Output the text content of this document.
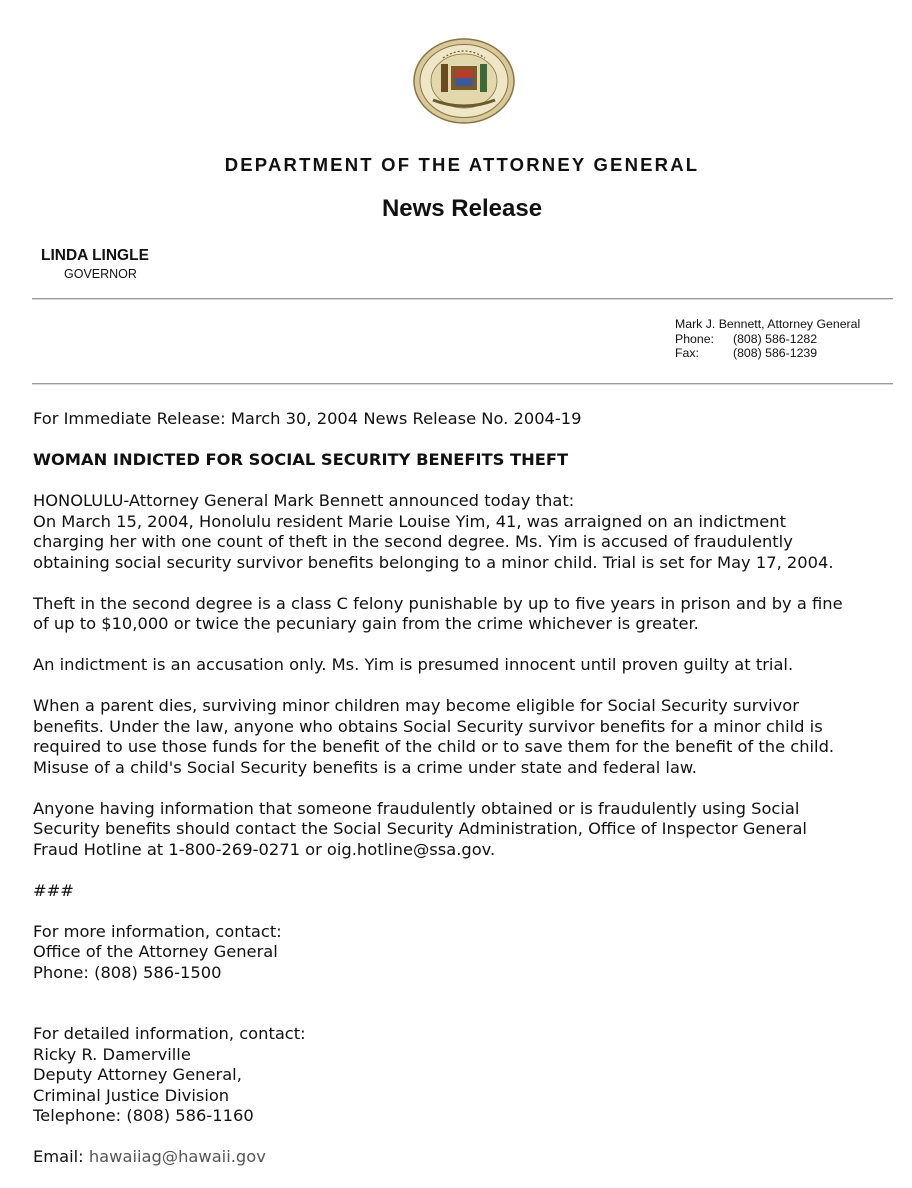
DEPARTMENT OF THE ATTORNEY GENERAL
News Release
LINDA LINGLE
GOVERNOR
Mark J. Bennett, Attorney General
Phone: (808) 586-1282
Fax:	(808) 586-1239

For Immediate Release: March 30, 2004 News Release No. 2004-19

WOMAN INDICTED FOR SOCIAL SECURITY BENEFITS THEFT

HONOLULU-Attorney General Mark Bennett announced today that:
On March 15, 2004, Honolulu resident Marie Louise Yim, 41, was arraigned on an indictment
charging her with one count of theft in the second degree. Ms. Yim is accused of fraudulently
obtaining social security survivor benefits belonging to a minor child. Trial is set for May 17, 2004.

Theft in the second degree is a class C felony punishable by up to five years in prison and by a fine
of up to $10,000 or twice the pecuniary gain from the crime whichever is greater.

An indictment is an accusation only. Ms. Yim is presumed innocent until proven guilty at trial.

When a parent dies, surviving minor children may become eligible for Social Security survivor
benefits. Under the law, anyone who obtains Social Security survivor benefits for a minor child is
required to use those funds for the benefit of the child or to save them for the benefit of the child.
Misuse of a child's Social Security benefits is a crime under state and federal law.

Anyone having information that someone fraudulently obtained or is fraudulently using Social
Security benefits should contact the Social Security Administration, Office of Inspector General
Fraud Hotline at 1-800-269-0271 or oig.hotline@ssa.gov.

###

For more information, contact:
Office of the Attorney General
Phone: (808) 586-1500

For detailed information, contact:
Ricky R. Damerville
Deputy Attorney General,
Criminal Justice Division
Telephone: (808) 586-1160

Email: hawaiiag@hawaii.gov
